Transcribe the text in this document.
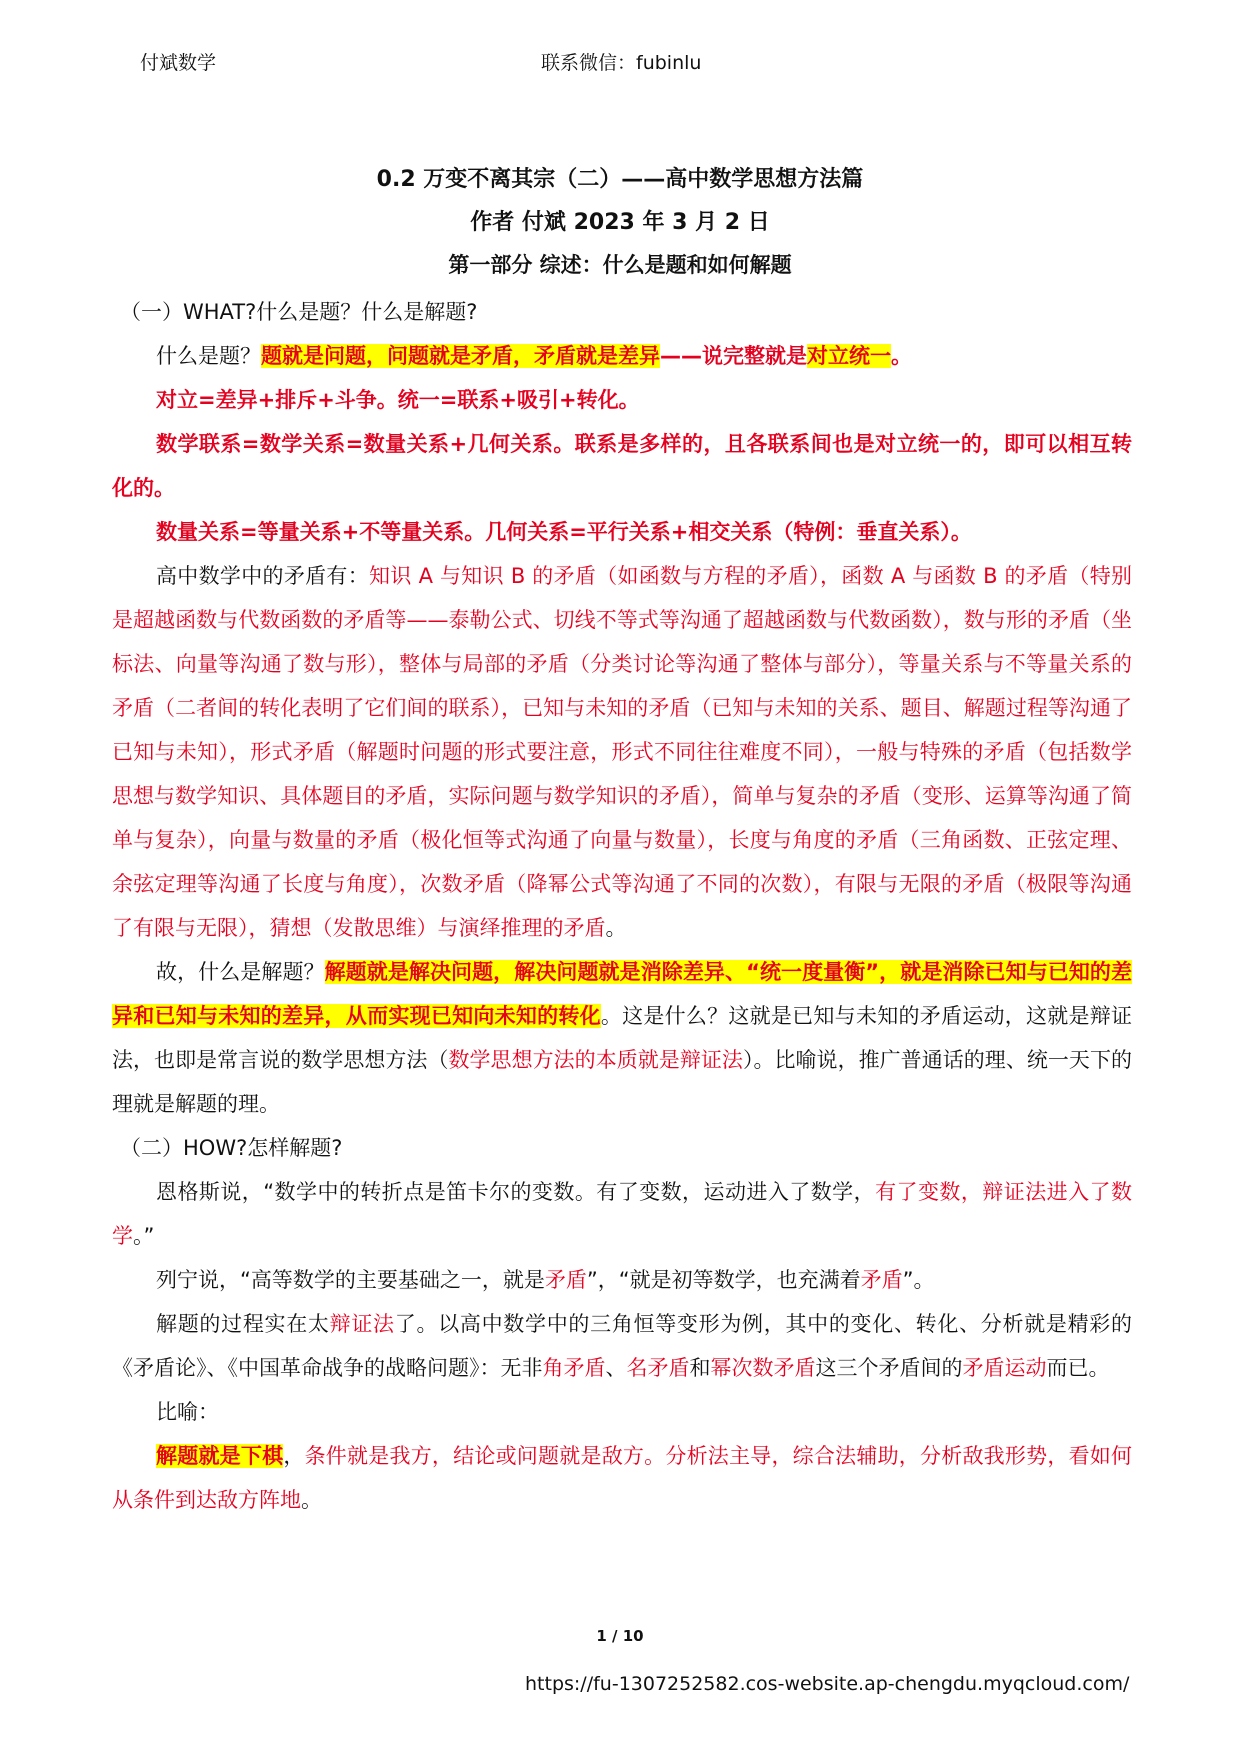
付斌数学	联系微信：fubinlu
0.2 万变不离其宗（二）——高中数学思想方法篇
作者 付斌 2023 年 3 月 2 日
第一部分 综述：什么是题和如何解题

（一）WHAT?什么是题？什么是解题?

什么是题？题就是问题，问题就是矛盾，矛盾就是差异——说完整就是对立统一。

对立=差异+排斥+斗争。统一=联系+吸引+转化。

数学联系=数学关系=数量关系+几何关系。联系是多样的，且各联系间也是对立统一的，即可以相互转化的。

数量关系=等量关系+不等量关系。几何关系=平行关系+相交关系（特例：垂直关系）。

高中数学中的矛盾有：知识 A 与知识 B 的矛盾（如函数与方程的矛盾），函数 A 与函数 B 的矛盾（特别是超越函数与代数函数的矛盾等——泰勒公式、切线不等式等沟通了超越函数与代数函数），数与形的矛盾（坐标法、向量等沟通了数与形），整体与局部的矛盾（分类讨论等沟通了整体与部分），等量关系与不等量关系的矛盾（二者间的转化表明了它们间的联系），已知与未知的矛盾（已知与未知的关系、题目、解题过程等沟通了已知与未知），形式矛盾（解题时问题的形式要注意，形式不同往往难度不同），一般与特殊的矛盾（包括数学思想与数学知识、具体题目的矛盾，实际问题与数学知识的矛盾），简单与复杂的矛盾（变形、运算等沟通了简单与复杂），向量与数量的矛盾（极化恒等式沟通了向量与数量），长度与角度的矛盾（三角函数、正弦定理、余弦定理等沟通了长度与角度），次数矛盾（降幂公式等沟通了不同的次数），有限与无限的矛盾（极限等沟通了有限与无限），猜想（发散思维）与演绎推理的矛盾。

故，什么是解题？解题就是解决问题，解决问题就是消除差异、“统一度量衡”，就是消除已知与已知的差异和已知与未知的差异，从而实现已知向未知的转化。这是什么？这就是已知与未知的矛盾运动，这就是辩证法，也即是常言说的数学思想方法（数学思想方法的本质就是辩证法）。比喻说，推广普通话的理、统一天下的理就是解题的理。

（二）HOW?怎样解题?

恩格斯说，“数学中的转折点是笛卡尔的变数。有了变数，运动进入了数学，有了变数，辩证法进入了数学。”

列宁说，“高等数学的主要基础之一，就是矛盾”，“就是初等数学，也充满着矛盾”。

解题的过程实在太辩证法了。以高中数学中的三角恒等变形为例，其中的变化、转化、分析就是精彩的《矛盾论》、《中国革命战争的战略问题》：无非角矛盾、名矛盾和幂次数矛盾这三个矛盾间的矛盾运动而已。

比喻：

解题就是下棋，条件就是我方，结论或问题就是敌方。分析法主导，综合法辅助，分析敌我形势，看如何从条件到达敌方阵地。

1 / 10
https://fu-1307252582.cos-website.ap-chengdu.myqcloud.com/
